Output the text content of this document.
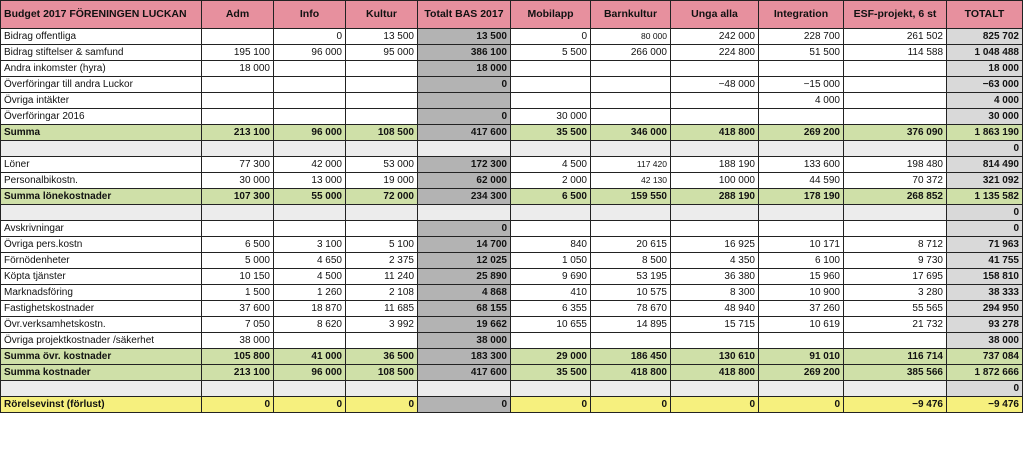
Budget 2017 FÖRENINGEN LUCKAN	Adm	Info	Kultur	Totalt BAS 2017	Mobilapp	Barnkultur	Unga alla	Integration	ESF-projekt, 6 st	TOTALT
Bidrag offentliga		0	13 500	13 500	0	80 000	242 000	228 700	261 502	825 702
Bidrag stiftelser & samfund	195 100	96 000	95 000	386 100	5 500	266 000	224 800	51 500	114 588	1 048 488
Andra inkomster (hyra)	18 000			18 000						18 000
Överföringar till andra Luckor				0			−48 000	−15 000		−63 000
Övriga intäkter								4 000		4 000
Överföringar 2016				0	30 000					30 000
Summa	213 100	96 000	108 500	417 600	35 500	346 000	418 800	269 200	376 090	1 863 190
										0
Löner	77 300	42 000	53 000	172 300	4 500	117 420	188 190	133 600	198 480	814 490
Personalbikostn.	30 000	13 000	19 000	62 000	2 000	42 130	100 000	44 590	70 372	321 092
Summa lönekostnader	107 300	55 000	72 000	234 300	6 500	159 550	288 190	178 190	268 852	1 135 582
										0
Avskrivningar				0						0
Övriga pers.kostn	6 500	3 100	5 100	14 700	840	20 615	16 925	10 171	8 712	71 963
Förnödenheter	5 000	4 650	2 375	12 025	1 050	8 500	4 350	6 100	9 730	41 755
Köpta tjänster	10 150	4 500	11 240	25 890	9 690	53 195	36 380	15 960	17 695	158 810
Marknadsföring	1 500	1 260	2 108	4 868	410	10 575	8 300	10 900	3 280	38 333
Fastighetskostnader	37 600	18 870	11 685	68 155	6 355	78 670	48 940	37 260	55 565	294 950
Övr.verksamhetskostn.	7 050	8 620	3 992	19 662	10 655	14 895	15 715	10 619	21 732	93 278
Övriga projektkostnader /säkerhet	38 000			38 000						38 000
Summa övr. kostnader	105 800	41 000	36 500	183 300	29 000	186 450	130 610	91 010	116 714	737 084
Summa kostnader	213 100	96 000	108 500	417 600	35 500	418 800	418 800	269 200	385 566	1 872 666
										0
Rörelsevinst (förlust)	0	0	0	0	0	0	0	0	−9 476	−9 476
